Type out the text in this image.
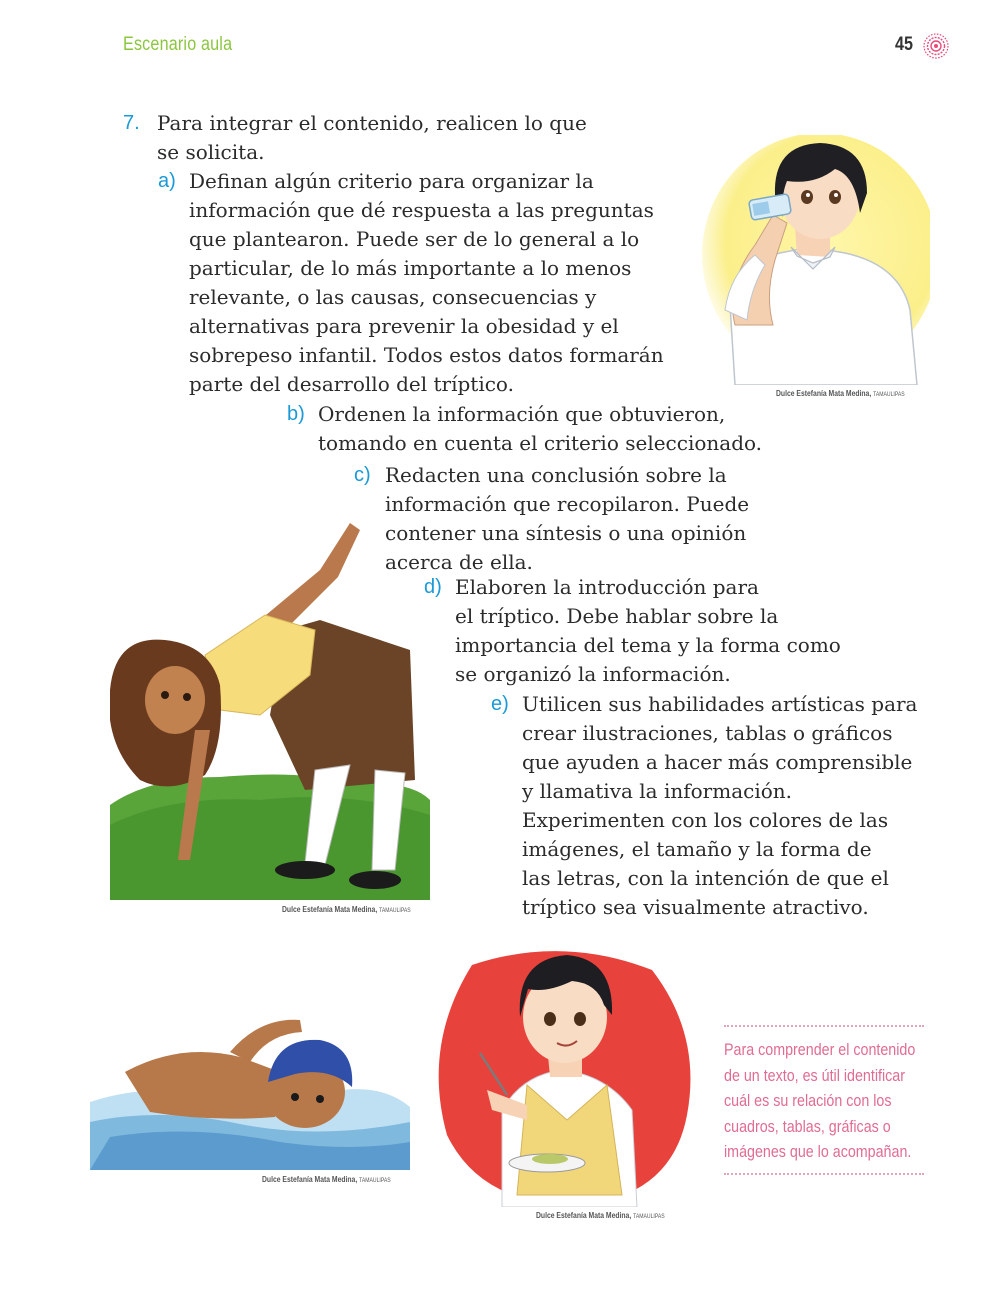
Escenario aula	45
7. Para integrar el contenido, realicen lo que
se solicita.
a) Definan algún criterio para organizar la
información que dé respuesta a las preguntas
que plantearon. Puede ser de lo general a lo
particular, de lo más importante a lo menos
relevante, o las causas, consecuencias y
alternativas para prevenir la obesidad y el
sobrepeso infantil. Todos estos datos formarán
parte del desarrollo del tríptico.
b) Ordenen la información que obtuvieron,
tomando en cuenta el criterio seleccionado.
c) Redacten una conclusión sobre la
información que recopilaron. Puede
contener una síntesis o una opinión
acerca de ella.
d) Elaboren la introducción para
el tríptico. Debe hablar sobre la
importancia del tema y la forma como
se organizó la información.
e) Utilicen sus habilidades artísticas para
crear ilustraciones, tablas o gráficos
que ayuden a hacer más comprensible
y llamativa la información.
Experimenten con los colores de las
imágenes, el tamaño y la forma de
las letras, con la intención de que el
tríptico sea visualmente atractivo.
Dulce Estefanía Mata Medina, TAMAULIPAS
Dulce Estefanía Mata Medina, TAMAULIPAS
Dulce Estefanía Mata Medina, TAMAULIPAS
Dulce Estefanía Mata Medina, TAMAULIPAS
Para comprender el contenido
de un texto, es útil identificar
cuál es su relación con los
cuadros, tablas, gráficas o
imágenes que lo acompañan.
